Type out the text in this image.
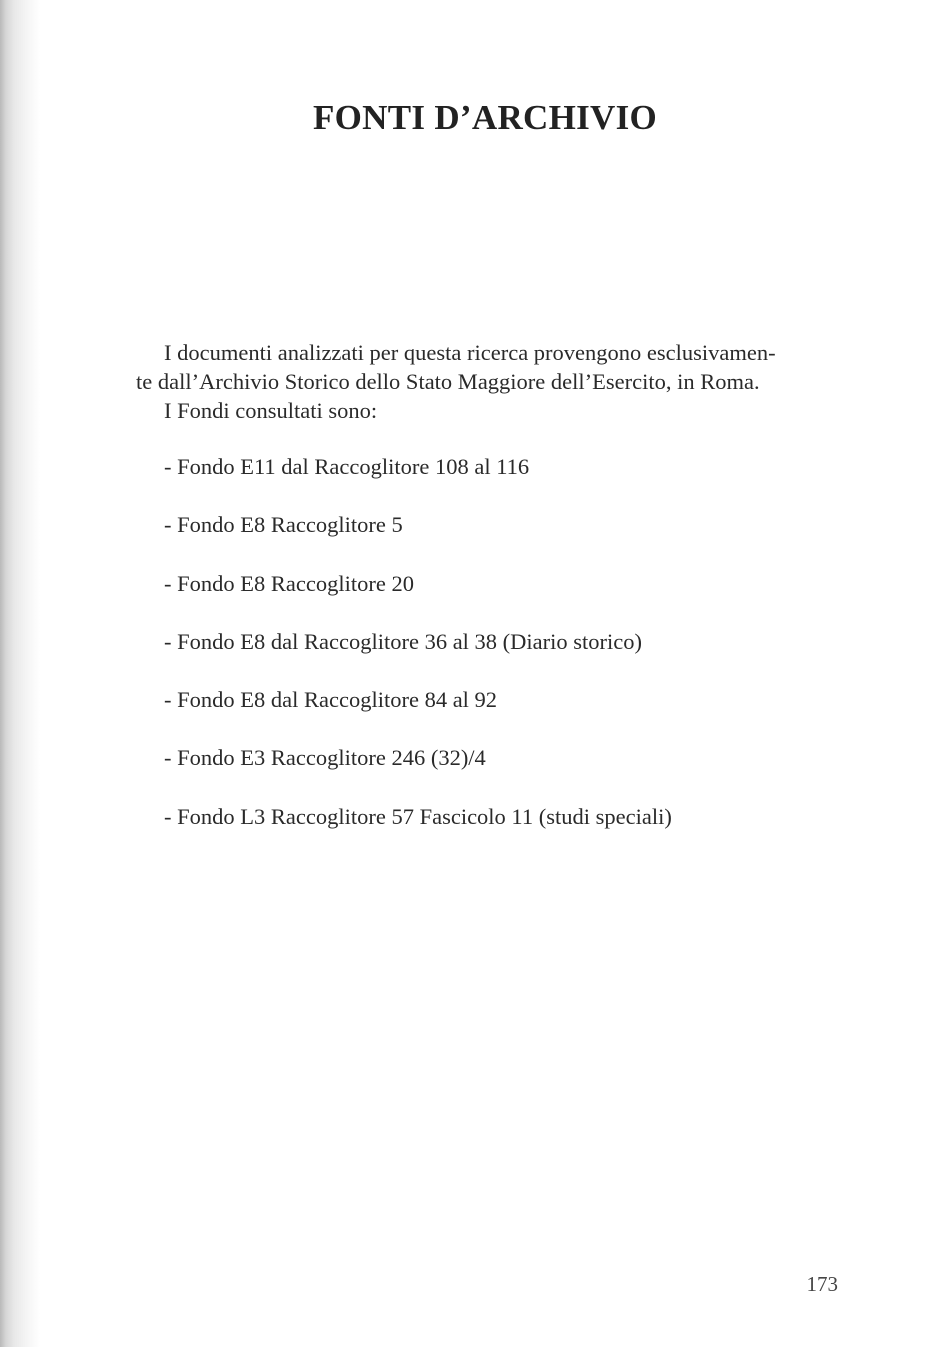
FONTI D’ARCHIVIO

I documenti analizzati per questa ricerca provengono esclusivamen-

te dall’Archivio Storico dello Stato Maggiore dell’Esercito, in Roma.

I Fondi consultati sono:

- Fondo E11 dal Raccoglitore 108 al 116
- Fondo E8 Raccoglitore 5
- Fondo E8 Raccoglitore 20
- Fondo E8 dal Raccoglitore 36 al 38 (Diario storico)
- Fondo E8 dal Raccoglitore 84 al 92
- Fondo E3 Raccoglitore 246 (32)/4
- Fondo L3 Raccoglitore 57 Fascicolo 11 (studi speciali)
173
